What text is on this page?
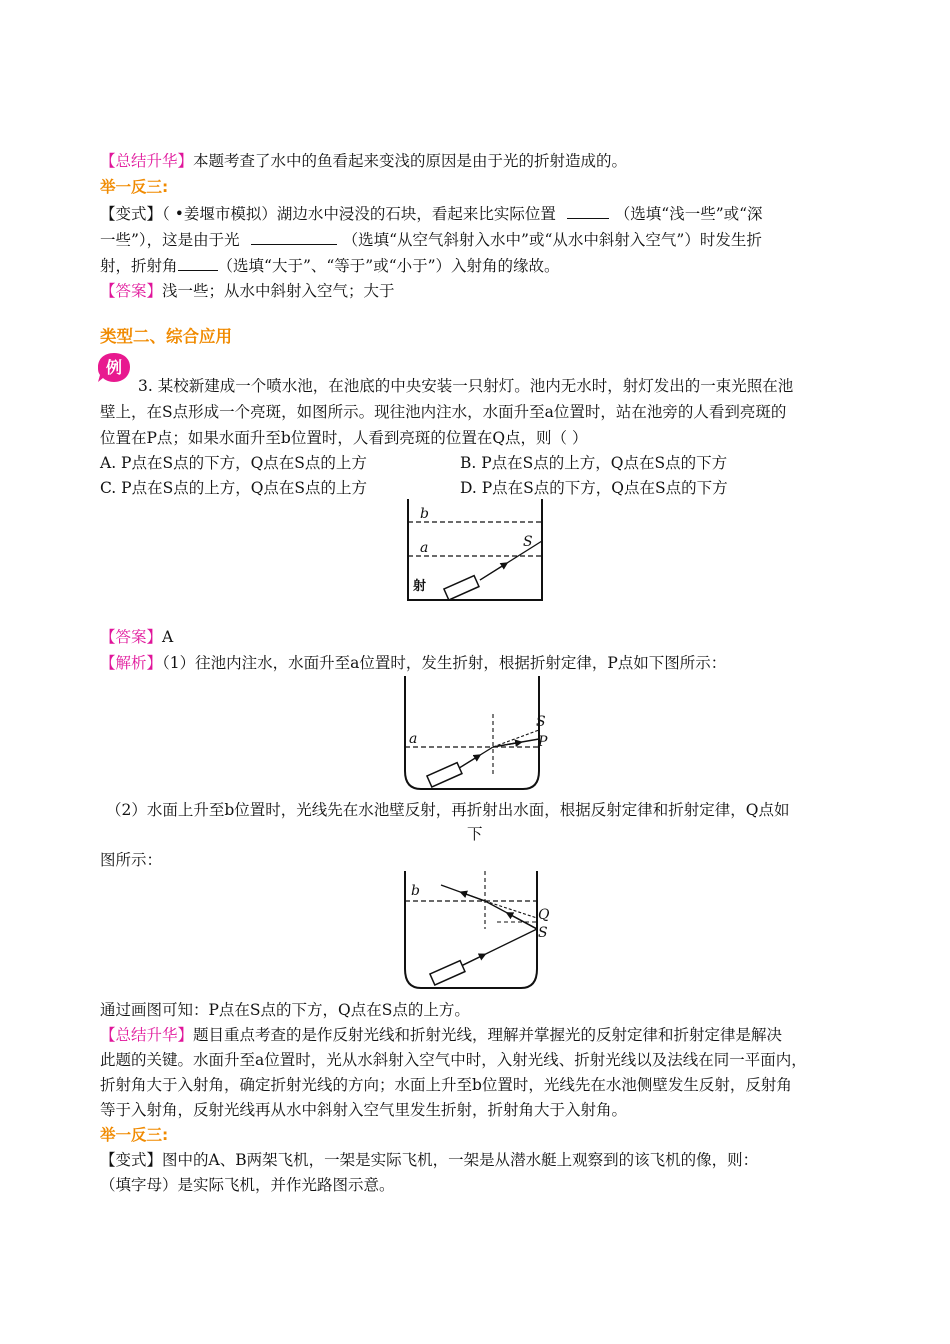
【总结升华】本题考查了水中的鱼看起来变浅的原因是由于光的折射造成的。
举一反三:
【变式】（ •姜堰市模拟）湖边水中浸没的石块，看起来比实际位置	（选填“浅一些”或“深
一些”），这是由于光	（选填“从空气斜射入水中”或“从水中斜射入空气”）时发生折
射，折射角	（选填“大于”、“等于”或“小于”）入射角的缘故。
【答案】浅一些；从水中斜射入空气；大于
类型二、综合应用
例
3. 某校新建成一个喷水池，在池底的中央安装一只射灯。池内无水时，射灯发出的一束光照在池
壁上，在S点形成一个亮斑，如图所示。现往池内注水，水面升至a位置时，站在池旁的人看到亮斑的
位置在P点；如果水面升至b位置时，人看到亮斑的位置在Q点，则（ ）
A. P点在S点的下方，Q点在S点的上方	B. P点在S点的上方，Q点在S点的下方
C. P点在S点的上方，Q点在S点的上方	D. P点在S点的下方，Q点在S点的下方
b
a	S
射
【答案】A
【解析】（1）往池内注水，水面升至a位置时，发生折射，根据折射定律，P点如下图所示：
a
S
P
（2）水面上升至b位置时，光线先在水池壁反射，再折射出水面，根据反射定律和折射定律，Q点如
下
图所示：
b
Q
S
通过画图可知：P点在S点的下方，Q点在S点的上方。
【总结升华】题目重点考查的是作反射光线和折射光线，理解并掌握光的反射定律和折射定律是解决
此题的关键。水面升至a位置时，光从水斜射入空气中时，入射光线、折射光线以及法线在同一平面内，
折射角大于入射角，确定折射光线的方向；水面上升至b位置时，光线先在水池侧壁发生反射，反射角
等于入射角，反射光线再从水中斜射入空气里发生折射，折射角大于入射角。
举一反三:
【变式】图中的A、B两架飞机，一架是实际飞机，一架是从潜水艇上观察到的该飞机的像，则：
（填字母）是实际飞机，并作光路图示意。
